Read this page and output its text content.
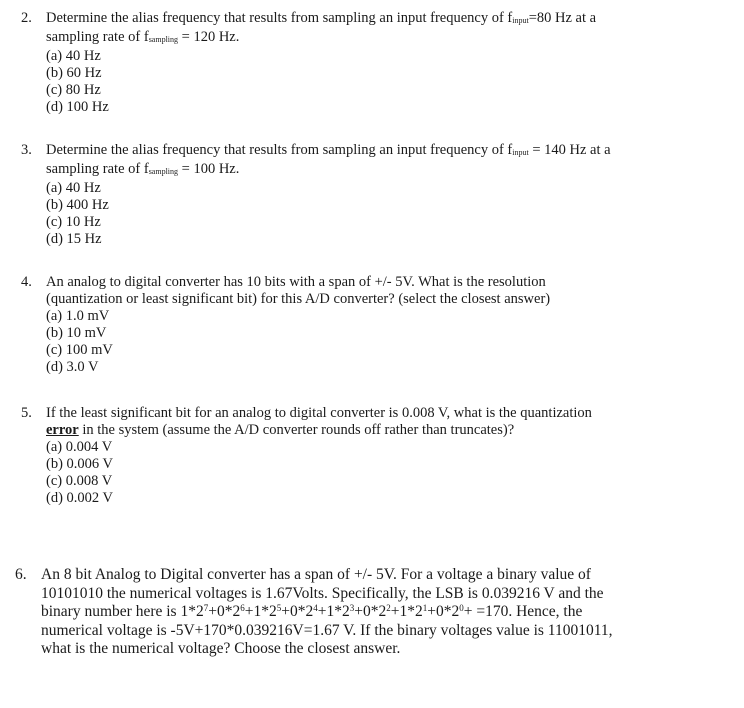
2. Determine the alias frequency that results from sampling an input frequency of $f_{input}=80$ Hz at a
sampling rate of $f_{sampling} = 120$ Hz.
(a) 40 Hz
(b) 60 Hz
(c) 80 Hz
(d) 100 Hz
3. Determine the alias frequency that results from sampling an input frequency of $f_{input} = 140$ Hz at a
sampling rate of $f_{sampling} = 100$ Hz.
(a) 40 Hz
(b) 400 Hz
(c) 10 Hz
(d) 15 Hz
4. An analog to digital converter has 10 bits with a span of +/- 5V. What is the resolution
(quantization or least significant bit) for this A/D converter? (select the closest answer)
(a) 1.0 mV
(b) 10 mV
(c) 100 mV
(d) 3.0 V
5. If the least significant bit for an analog to digital converter is 0.008 V, what is the quantization
error in the system (assume the A/D converter rounds off rather than truncates)?
(a) 0.004 V
(b) 0.006 V
(c) 0.008 V
(d) 0.002 V
6. An 8 bit Analog to Digital converter has a span of +/- 5V. For a voltage a binary value of
10101010 the numerical voltages is 1.67Volts. Specifically, the LSB is 0.039216 V and the
binary number here is $1*2^7+0*2^6+1*2^5+0*2^4+1*2^3+0*2^2+1*2^1+0*2^0+ =170$. Hence, the
numerical voltage is -5V+170*0.039216V=1.67 V. If the binary voltages value is 11001011,
what is the numerical voltage? Choose the closest answer.
